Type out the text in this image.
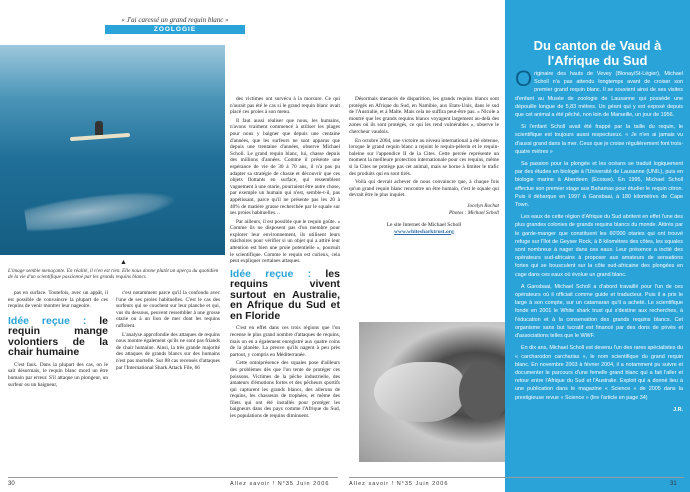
« J'ai caressé un grand requin blanc »
ZOOLOGIE
▲
L'image semble menaçante. En réalité, il n'en est rien. Elle nous donne plutôt un aperçu du quotidien de la vie d'un scientifique passionné par les grands requins blancs

pas en surface. Toutefois, avec un appât, il est possible de convaincre la plupart de ces requins de venir montrer leur nageoire.

Idée reçue : le requin mange volontiers de la chair humaine

C'est faux. Dans la plupart des cas, on le sait désormais, le requin blanc mord un être humain par erreur. S'il attaque un plongeur, un surfeur ou un baigneur,

c'est notamment parce qu'il la confondu avec l'une de ses proies habituelles. C'est le cas des surfeurs qui se couchent sur leur planche et qui, vus du dessous, peuvent ressembler à une grosse otarie ou à un lion de mer dont les requins raffolent.

L'analyse approfondie des attaques de requins nous montre également qu'ils ne sont pas friands de chair humaine. Ainsi, la très grande majorité des attaques de grands blancs sur des humains n'est pas mortelle. Sur 88 cas recensés d'attaques par l'International Shark Attack File, 66

des victimes ont survécu à la morsure. Ce qui n'aurait pas été le cas si le grand requin blanc avait placé ces proies à son menu.

Il faut aussi réaliser que nous, les humains, n'avons vraiment commencé à utiliser les plages pour nous y baigner que depuis une centaine d'années, que les surfeurs ne sont apparus que depuis une trentaine d'années, observe Michael Scholl. Le grand requin blanc, lui, chasse depuis des millions d'années. Comme il présente une espérance de vie de 30 à 70 ans, il n'a pas pu adapter sa stratégie de chasse et découvrir que ces objets flottants en surface, qui ressemblent vaguement à une otarie, pourraient être autre chose, par exemple un humain qui n'est, semble-t-il, pas appétissant, parce qu'il ne présente pas les 20 à 40% de matière grasse recherchée par le squale sur ses proies habituelles…

Par ailleurs, il est possible que le requin goûte. « Comme ils ne disposent pas d'un membre pour explorer leur environnement, ils utilisent leurs mâchoires pour vérifier si un objet qui a attiré leur attention est bien une proie potentielle », poursuit le scientifique. Comme le requin est curieux, cela peut expliquer certaines attaques.

Idée reçue : les requins vivent surtout en Australie, en Afrique du Sud et en Floride

C'est en effet dans ces trois régions que l'on recense le plus grand nombre d'attaques de requins, mais on en a également enregistré aux quatre coins de la planète. La preuve qu'ils nagent à peu près partout, y compris en Méditerranée.

Cette omniprésence des squales pose d'ailleurs des problèmes dès que l'on tente de protéger ces poissons. Victimes de la pêche industrielle, des amateurs d'émotions fortes et des pêcheurs sportifs qui capturent les grands blancs, des ailerons de requins, les chasseurs de trophées, et même des filets qui ont été installés pour protéger les baigneurs dans des pays comme l'Afrique du Sud, les populations de requins diminuent.

30	Allez savoir ! N°35 Juin 2006

Désormais menacés de disparition, les grands requins blancs sont protégés en Afrique du Sud, en Namibie, aux Etats-Unis, dans le sud de l'Australie, et à Malte. Mais cela ne suffira peut-être pas. « Nicole a montré que les grands requins blancs voyagent largement au-delà des zones où ils sont protégés, ce qui les rend vulnérables », observe le chercheur vaudois.

En octobre 2004, une victoire au niveau international a été obtenue, lorsque le grand requin blanc a rejoint le requin-pèlerin et le requin-baleine sur l'appendice II de la Cites. Cette percée représente un moment la meilleure protection internationale pour ces requins, même si la Cites ne protège pas cet animal, mais se borne à limiter le trafic des produits qui en sont tirés.

Voilà qui devrait achever de nous convaincre que, à chaque fois qu'un grand requin blanc rencontre un être humain, c'est le squale qui devrait être le plus inquiet.

Jocelyn Rochat
Photos : Michael Scholl
Le site Internet de Michael Scholl
www.whitesharktrust.org
Du canton de Vaud à l'Afrique du Sud

Originaire des hauts de Vevey (Blonay/St-Légier), Michael Scholl n'a pas attendu longtemps avant de croiser son premier grand requin blanc. Il se souvient ainsi de ses visites d'enfant au Musée de zoologie de Lausanne qui possède une dépouille longue de 5,83 mètres. Un géant qui y est exposé depuis que cet animal a été pêché, non loin de Marseille, un jour de 1956.

Si l'enfant Scholl avait été frappé par la taille du requin, le scientifique est toujours aussi respectueux. « Je n'en ai jamais vu d'aussi grand dans la mer. Ceux que je croise régulièrement font trois-quatre mètres »

Sa passion pour la plongée et les océans se traduit logiquement par des études en biologie à l'Université de Lausanne (UNIL), puis en biologie marine à Aberdeen (Ecosse). En 1995, Michael Scholl effectue son premier stage aux Bahamas pour étudier le requin citron. Puis il débarque en 1997 à Gansbaai, à 180 kilomètres de Cape Town.

Les eaux de cette région d'Afrique du Sud abritent en effet l'une des plus grandes colonies de grands requins blancs du monde. Attirés par le garde-manger que constituent les 60'000 otaries qui ont trouvé refuge sur l'îlot de Geyser Rock, à 8 kilomètres des côtes, les squales sont nombreux à nager dans ces eaux. Leur présence a incité des opérateurs sud-africains à proposer aux amateurs de sensations fortes qui se bousculent sur la côte sud-africaine des plongées en cage dans ces eaux où évolue un grand blanc.

A Gansbaai, Michael Scholl a d'abord travaillé pour l'un de ces opérateurs où il officiait comme guide et traducteur. Puis il a pris le large à son compte, sur un catamaran qu'il a acheté. Le scientifique fonde en 2001 le White shark trust qui s'destine aux recherches, à l'éducation et à la conservation des grands requins blancs. Cet organisme sans but lucratif est financé par des dons de privés et d'associations telles que le WWF.

En dix ans, Michael Scholl est devenu l'un des rares spécialistes du « carcharodon carcharias », le nom scientifique du grand requin blanc. En novembre 2003 à février 2004, il a notamment pu suivre et documenter le parcours d'une femelle grand blanc qui a fait l'aller et retour entre l'Afrique du Sud et l'Australie. Exploit qui a donné lieu à une publication dans le magazine « Science » de 2005 dans la prestigieuse revue « Science » (lire l'article en page 34)

J.R.
Allez savoir ! N°35 Juin 2006	31
